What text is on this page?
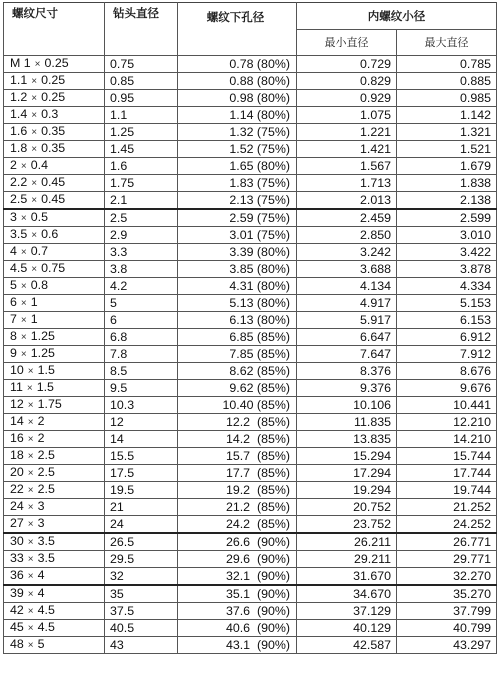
螺纹尺寸	钻头直径	螺纹下孔径	内螺纹小径	
			最小直径	最大直径
M 1 × 0.25	0.75	0.78 (80%)	0.729	0.785
1.1 × 0.25	0.85	0.88 (80%)	0.829	0.885
1.2 × 0.25	0.95	0.98 (80%)	0.929	0.985
1.4 × 0.3	1.1	1.14 (80%)	1.075	1.142
1.6 × 0.35	1.25	1.32 (75%)	1.221	1.321
1.8 × 0.35	1.45	1.52 (75%)	1.421	1.521
2 × 0.4	1.6	1.65 (80%)	1.567	1.679
2.2 × 0.45	1.75	1.83 (75%)	1.713	1.838
2.5 × 0.45	2.1	2.13 (75%)	2.013	2.138
3 × 0.5	2.5	2.59 (75%)	2.459	2.599
3.5 × 0.6	2.9	3.01 (75%)	2.850	3.010
4 × 0.7	3.3	3.39 (80%)	3.242	3.422
4.5 × 0.75	3.8	3.85 (80%)	3.688	3.878
5 × 0.8	4.2	4.31 (80%)	4.134	4.334
6 × 1	5	5.13 (80%)	4.917	5.153
7 × 1	6	6.13 (80%)	5.917	6.153
8 × 1.25	6.8	6.85 (85%)	6.647	6.912
9 × 1.25	7.8	7.85 (85%)	7.647	7.912
10 × 1.5	8.5	8.62 (85%)	8.376	8.676
11 × 1.5	9.5	9.62 (85%)	9.376	9.676
12 × 1.75	10.3	10.40 (85%)	10.106	10.441
14 × 2	12	12.2  (85%)	11.835	12.210
16 × 2	14	14.2  (85%)	13.835	14.210
18 × 2.5	15.5	15.7  (85%)	15.294	15.744
20 × 2.5	17.5	17.7  (85%)	17.294	17.744
22 × 2.5	19.5	19.2  (85%)	19.294	19.744
24 × 3	21	21.2  (85%)	20.752	21.252
27 × 3	24	24.2  (85%)	23.752	24.252
30 × 3.5	26.5	26.6  (90%)	26.211	26.771
33 × 3.5	29.5	29.6  (90%)	29.211	29.771
36 × 4	32	32.1  (90%)	31.670	32.270
39 × 4	35	35.1  (90%)	34.670	35.270
42 × 4.5	37.5	37.6  (90%)	37.129	37.799
45 × 4.5	40.5	40.6  (90%)	40.129	40.799
48 × 5	43	43.1  (90%)	42.587	43.297
